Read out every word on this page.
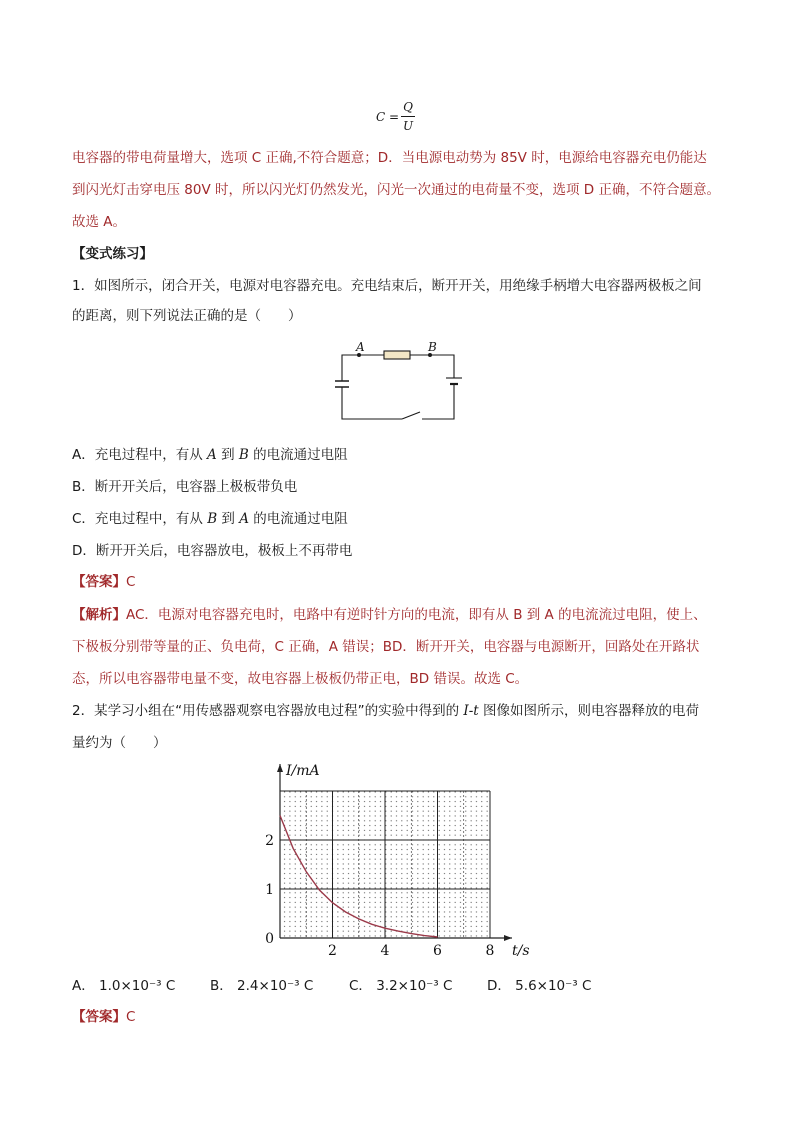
C =
Q
U
电容器的带电荷量增大，选项 C 正确,不符合题意；D．当电源电动势为 85V 时，电源给电容器充电仍能达
到闪光灯击穿电压 80V 时，所以闪光灯仍然发光，闪光一次通过的电荷量不变，选项 D 正确，不符合题意。
故选 A。
【变式练习】
1．如图所示，闭合开关，电源对电容器充电。充电结束后，断开开关，用绝缘手柄增大电容器两极板之间
的距离，则下列说法正确的是（　　）
A	B
A．充电过程中，有从 A 到 B 的电流通过电阻
B．断开开关后，电容器上极板带负电
C．充电过程中，有从 B 到 A 的电流通过电阻
D．断开开关后，电容器放电，极板上不再带电
【答案】C
【解析】AC．电源对电容器充电时，电路中有逆时针方向的电流，即有从 B 到 A 的电流流过电阻，使上、
下极板分别带等量的正、负电荷，C 正确，A 错误；BD．断开开关，电容器与电源断开，回路处在开路状
态，所以电容器带电量不变，故电容器上极板仍带正电，BD 错误。故选 C。
2．某学习小组在“用传感器观察电容器放电过程”的实验中得到的 I-t 图像如图所示，则电容器释放的电荷
量约为（　　）
2	4	6	8
1
2
0
t/s
I/mA
A． 1.0×10⁻³ C	B． 2.4×10⁻³ C	C． 3.2×10⁻³ C	D． 5.6×10⁻³ C
【答案】C
